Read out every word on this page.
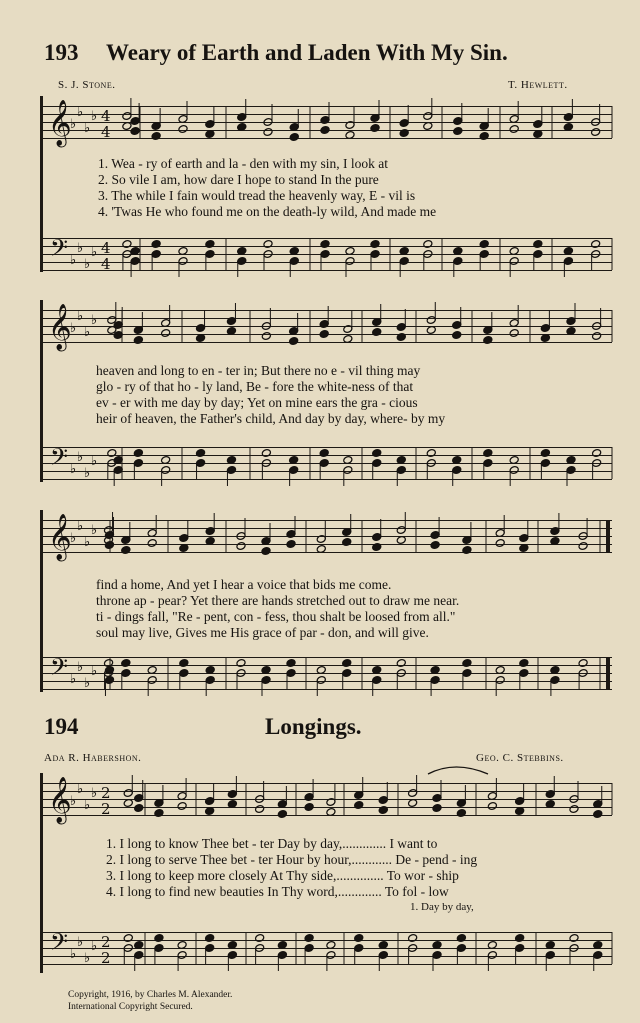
193 Weary of Earth and Laden With My Sin.
S. J. Stone.	T. Hewlett.
1. Wea - ry of earth and la - den with my sin, I look at
2. So vile I am, how dare I hope to stand In the pure
3. The while I fain would tread the heavenly way, E - vil is
4. 'Twas He who found me on the death-ly wild, And made me
heaven and long to en - ter in; But there no e - vil thing may
glo - ry of that ho - ly land, Be - fore the white-ness of that
ev - er with me day by day; Yet on mine ears the gra - cious
heir of heaven, the Father's child, And day by day, where- by my
find a home, And yet I hear a voice that bids me come.
throne ap - pear? Yet there are hands stretched out to draw me near.
ti - dings fall, "Re - pent, con - fess, thou shalt be loosed from all."
soul may live, Gives me His grace of par - don, and will give.
194	Longings.
Ada R. Habershon.	Geo. C. Stebbins.
1. I long to know Thee bet - ter Day by day,............. I want to
2. I long to serve Thee bet - ter Hour by hour,............ De - pend - ing
3. I long to keep more closely At Thy side,.............. To wor - ship
4. I long to find new beauties In Thy word,............. To fol - low
1. Day by day,
Copyright, 1916, by Charles M. Alexander.
International Copyright Secured.
𝄞
𝄢
♭
♭
♭
♭
♭
♭
♭
♭
4
4
4
4
𝄞
𝄢
♭
♭
♭
♭
♭
♭
♭
♭
𝄞
𝄢
♭
♭
♭
♭
♭
♭
♭
♭
𝄞
𝄢
♭
♭
♭
♭
♭
♭
♭
♭
2
2
2
2
